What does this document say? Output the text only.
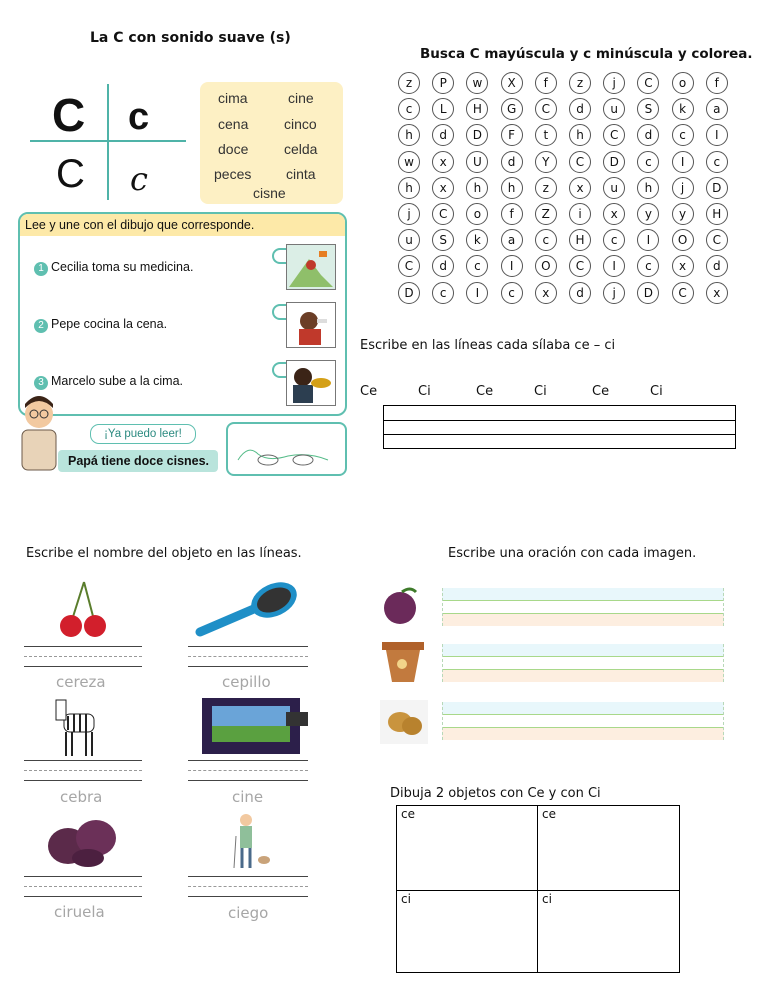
La C con sonido suave (s)
C c
C c
cima	cine
cena	cinco
doce	celda
peces cinta
cisne
Lee y une con el dibujo que corresponde.
1 Cecilia toma su medicina.
2 Pepe cocina la cena.
3 Marcelo sube a la cima.
¡Ya puedo leer!
Papá tiene doce cisnes.
Busca C mayúscula y c minúscula y colorea.
z	P	w	X	f	z	j	C	o	f
c	L	H	G	C	d	u	S	k	a
h	d	D	F	t	h	C	d	c	I
w	x	U	d	Y	C	D	c	I	c
h	x	h	h	z	x	u	h	j	D
j	C	o	f	Z	i	x	y	y	H
u	S	k	a	c	H	c	I	O	C
C	d	c	I	O	C	I	c	x	d
D	c	I	c	x	d	j	D	C	x
Escribe en las líneas cada sílaba ce – ci
Ce	Ci	Ce	Ci	Ce	Ci
Escribe el nombre del objeto en las líneas.
cereza	cepillo
cebra	cine
ciruela	ciego
Escribe una oración con cada imagen.
Dibuja 2 objetos con Ce y con Ci
ce	ce
ci	ci
